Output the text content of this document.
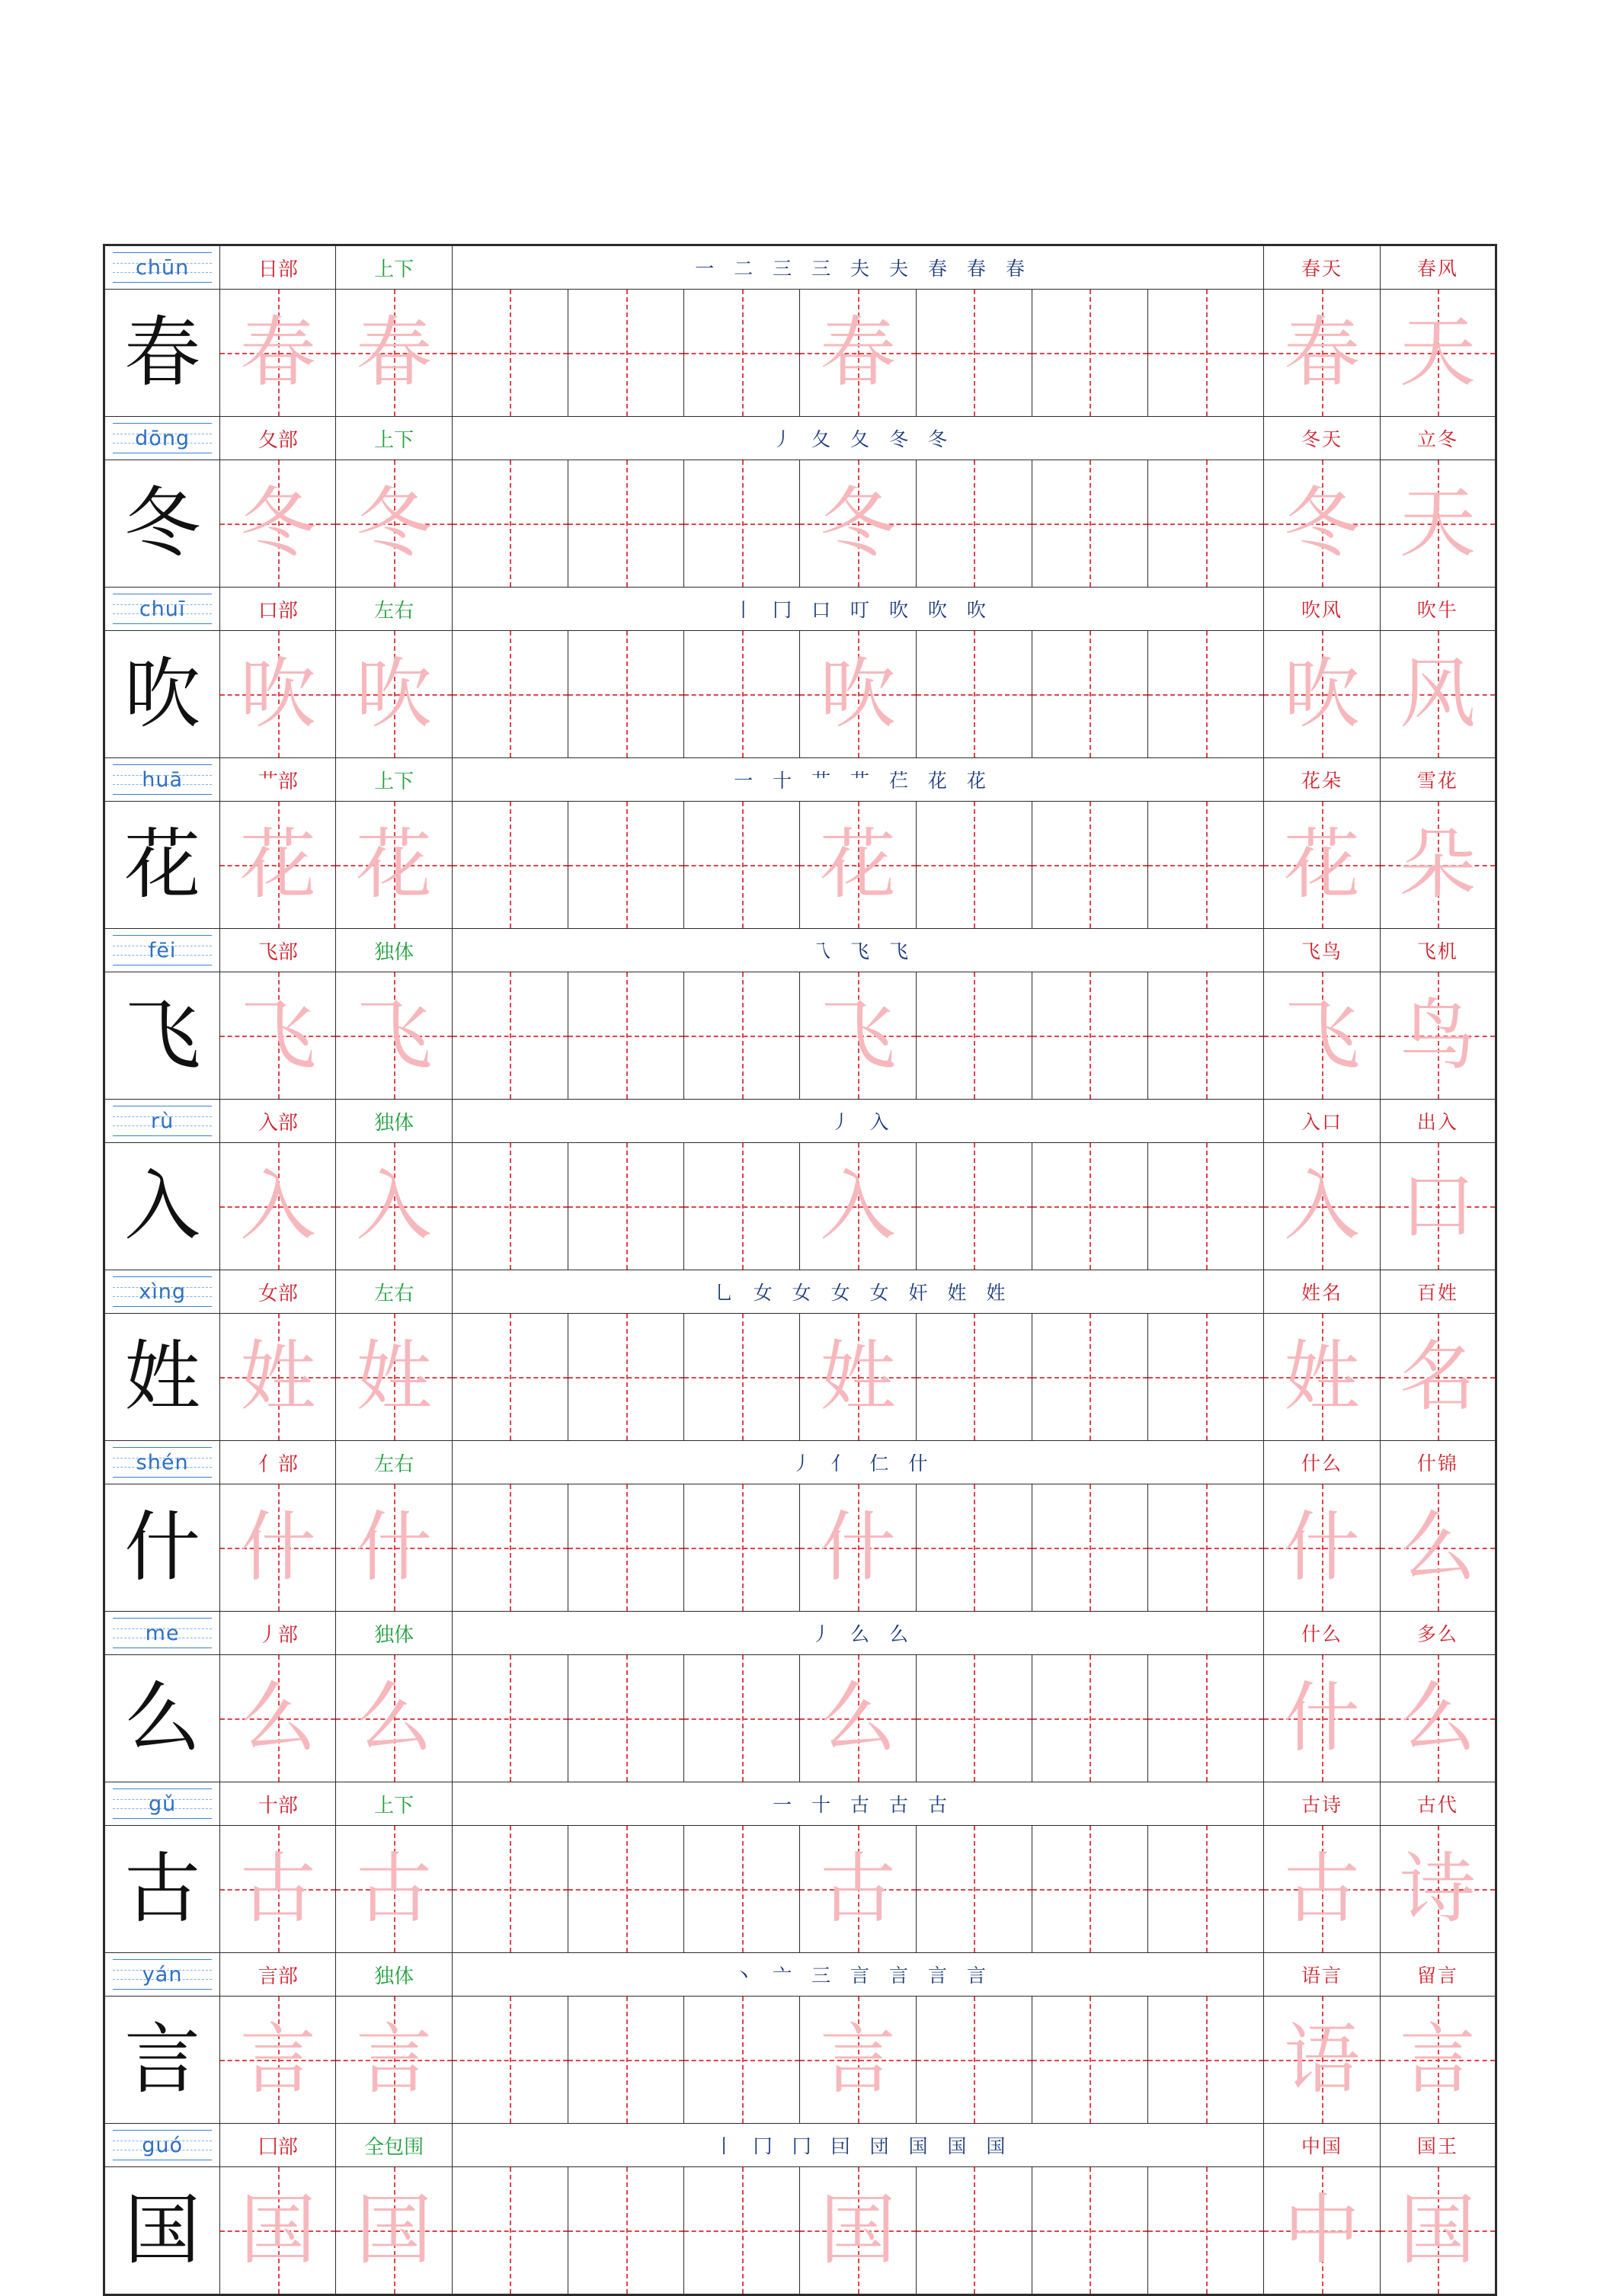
chūn	日部	上下	一 二 三 三 夫 夫 春 春 春							春天	春风
春	春	春				春				春	天

dōng	夂部	上下	丿 夂 夂 冬 冬							冬天	立冬
冬	冬	冬				冬				冬	天

chuī	口部	左右	丨 冂 口 叮 吹 吹 吹							吹风	吹牛
吹	吹	吹				吹				吹	风

huā	艹部	上下	一 十 艹 艹 芢 花 花							花朵	雪花
花	花	花				花				花	朵

fēi	飞部	独体	乁 飞 飞							飞鸟	飞机
飞	飞	飞				飞				飞	鸟

rù	入部	独体	丿 入							入口	出入
入	入	入				入				入	口

xìng	女部	左右	乚 女 女 女 女 奸 姓 姓							姓名	百姓
姓	姓	姓				姓				姓	名

shén	亻部	左右	丿 亻 仁 什							什么	什锦
什	什	什				什				什	么

me	丿部	独体	丿 么 么							什么	多么
么	么	么				么				什	么

gǔ	十部	上下	一 十 古 古 古							古诗	古代
古	古	古				古				古	诗

yán	言部	独体	丶 亠 三 言 言 言 言							语言	留言
言	言	言				言				语	言

guó	囗部	全包围	丨 冂 冂 囙 団 国 国 国							中国	国王
国	国	国				国				中	国
